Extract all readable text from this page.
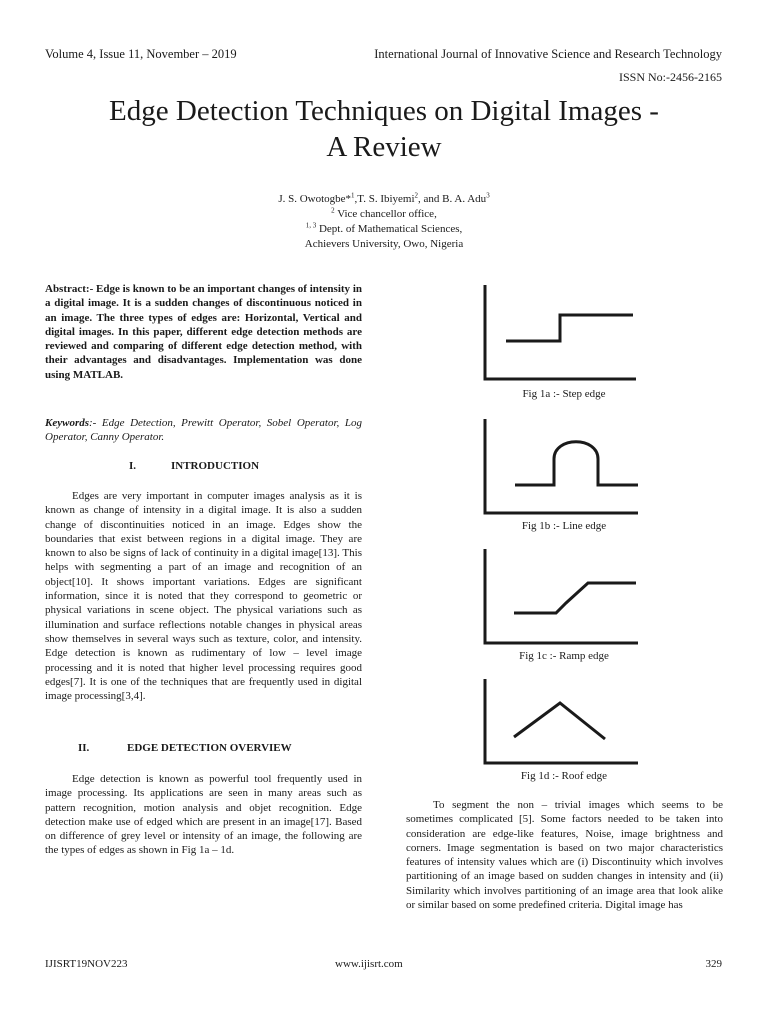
Volume 4, Issue 11, November – 2019	International Journal of Innovative Science and Research Technology
ISSN No:-2456-2165
Edge Detection Techniques on Digital Images -
A Review
J. S. Owotogbe*$^1$,T. S. Ibiyemi$^2$, and B. A. Adu$^3$
$^2$ Vice chancellor office,
$^{1, 3}$ Dept. of Mathematical Sciences,
Achievers University, Owo, Nigeria
Abstract:- Edge is known to be an important changes of intensity in a digital image. It is a sudden changes of discontinuous noticed in an image. The three types of edges are: Horizontal, Vertical and digital images. In this paper, different edge detection methods are reviewed and comparing of different edge detection method, with their advantages and disadvantages. Implementation was done using MATLAB.
Keywords:- Edge Detection, Prewitt Operator, Sobel Operator, Log Operator, Canny Operator.
I.	INTRODUCTION
Edges are very important in computer images analysis as it is known as change of intensity in a digital image. It is also a sudden change of discontinuities noticed in an image. Edges show the boundaries that exist between regions in a digital image. They are known to also be signs of lack of continuity in a digital image[13]. This helps with segmenting a part of an image and recognition of an object[10]. It shows important variations. Edges are significant information, since it is noted that they correspond to geometric or physical variations in scene object. The physical variations such as illumination and surface reflections notable changes in physical areas show themselves in several ways such as texture, color, and intensity. Edge detection is known as rudimentary of low – level image processing and it is noted that higher level processing requires good edges[7]. It is one of the techniques that are frequently used in digital image processing[3,4].
II.	EDGE DETECTION OVERVIEW
Edge detection is known as powerful tool frequently used in image processing. Its applications are seen in many areas such as pattern recognition, motion analysis and objet recognition. Edge detection make use of edged which are present in an image[17]. Based on difference of grey level or intensity of an image, the following are the types of edges as shown in Fig 1a – 1d.
Fig 1a :- Step edge
Fig 1b :- Line edge
Fig 1c :- Ramp edge
Fig 1d :- Roof edge
To segment the non – trivial images which seems to be sometimes complicated [5]. Some factors needed to be taken into consideration are edge-like features, Noise, image brightness and corners. Image segmentation is based on two major characteristics features of intensity values which are (i) Discontinuity which involves partitioning of an image based on sudden changes in intensity and (ii) Similarity which involves partitioning of an image area that look alike or similar based on some predefined criteria. Digital image has
IJISRT19NOV223	www.ijisrt.com	329
